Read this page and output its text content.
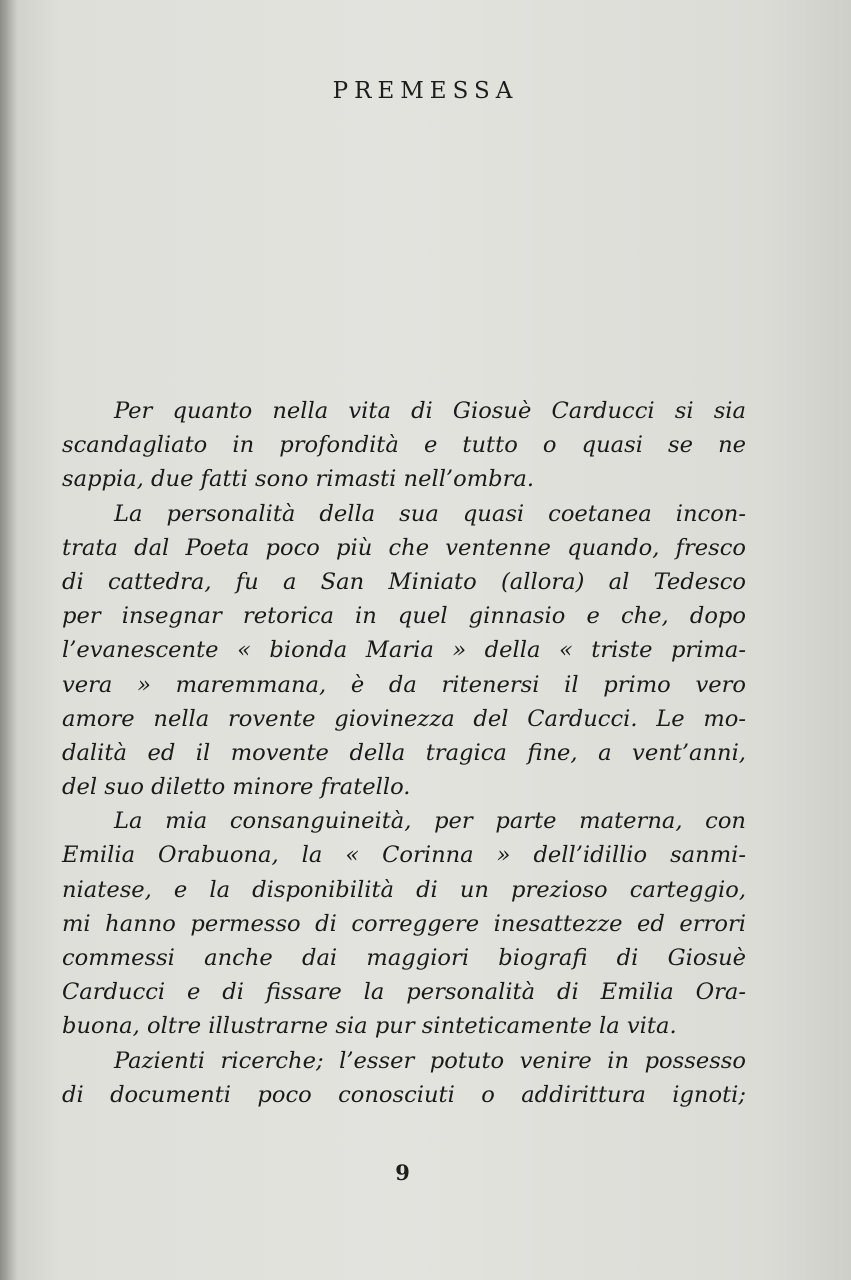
PREMESSA

Per quanto nella vita di Giosuè Carducci si sia
scandagliato in profondità e tutto o quasi se ne
sappia, due fatti sono rimasti nell’ombra.

La personalità della sua quasi coetanea incon-
trata dal Poeta poco più che ventenne quando, fresco
di cattedra, fu a San Miniato (allora) al Tedesco
per insegnar retorica in quel ginnasio e che, dopo
l’evanescente « bionda Maria » della « triste prima-
vera » maremmana, è da ritenersi il primo vero
amore nella rovente giovinezza del Carducci. Le mo-
dalità ed il movente della tragica fine, a vent’anni,
del suo diletto minore fratello.

La mia consanguineità, per parte materna, con
Emilia Orabuona, la « Corinna » dell’idillio sanmi-
niatese, e la disponibilità di un prezioso carteggio,
mi hanno permesso di correggere inesattezze ed errori
commessi anche dai maggiori biografi di Giosuè
Carducci e di fissare la personalità di Emilia Ora-
buona, oltre illustrarne sia pur sinteticamente la vita.

Pazienti ricerche; l’esser potuto venire in possesso
di documenti poco conosciuti o addirittura ignoti;

9
